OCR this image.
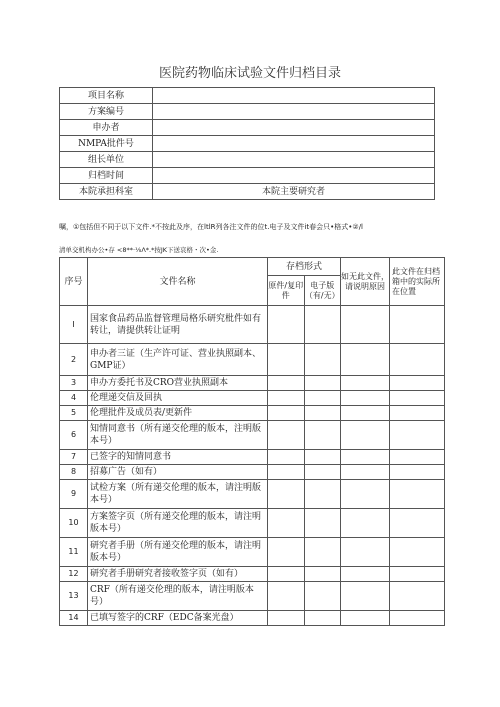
医院药物临床试验文件归档目录
项目名称	
方案编号	
申办者	
NMPA批件号	
组长单位	
归档时间	
本院承担科室	本院主要研究者
嘱，①包括但不同于以下文件.*不按此及序，在ltlR列各注文件的位t.电子及文件it春会只•格式•②/l
清单交机构办公•存 <8**·⅛Λ*.*按JK下送哀格・次•金.
序号	文件名称	存档形式		如无此文件，请说明原因	此文件在归档箱中的实际所在位置
		原件/复印件	电子版（有/无）		
I	国家食品药品监督管理局格乐研究枇件如有转让，请提供转让证明				
2	申办者三证（生产许可证、营业执照副本、GMP证）				
3	申办方委托书及CRO营业执照副本				
4	伦理递交信及回执				
5	伦理批件及成员表/更新件				
6	知情同意书（所有递交伦理的版本，注明版本号）				
7	已签字的知情同意书				
8	招募广告（如有）				
9	试检方案（所有递交伦理的版本，请注明版本号）				
10	方案签字页（所有递交伦理的版本，请注明版本号）				
11	研究者手册（所有递交伦理的版本，请注明版本号）				
12	研究者手册研究者接收签字页（如有）				
13	CRF（所有递交伦理的版本，请注明版本号）				
14	已填写签字的CRF（EDC备案光盘）				
